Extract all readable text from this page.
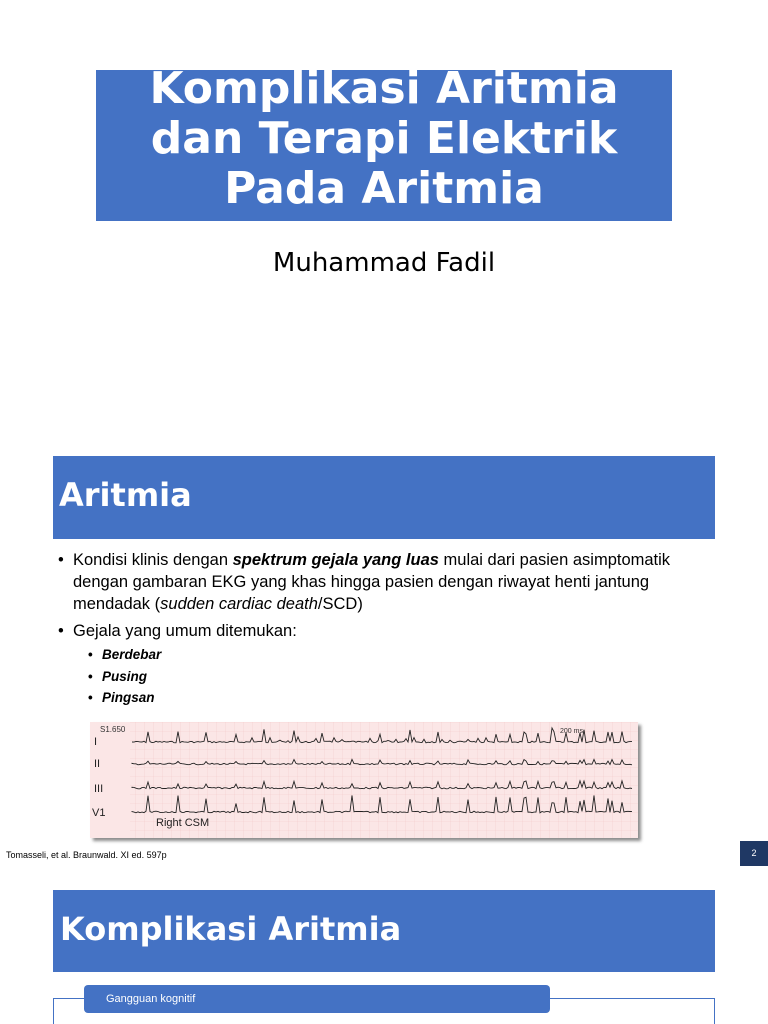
Komplikasi Aritmia
dan Terapi Elektrik
Pada Aritmia
Muhammad Fadil
Aritmia
• Kondisi klinis dengan spektrum gejala yang luas mulai dari pasien asimptomatik dengan gambaran EKG yang khas hingga pasien dengan riwayat henti jantung mendadak (sudden cardiac death/SCD)
• Gejala yang umum ditemukan:
• Berdebar
• Pusing
• Pingsan
S1.650	200 ms
I
II
III
V1
Right CSM
Tomasseli, et al. Braunwald. XI ed. 597p	2
Komplikasi Aritmia
Gangguan kognitif
